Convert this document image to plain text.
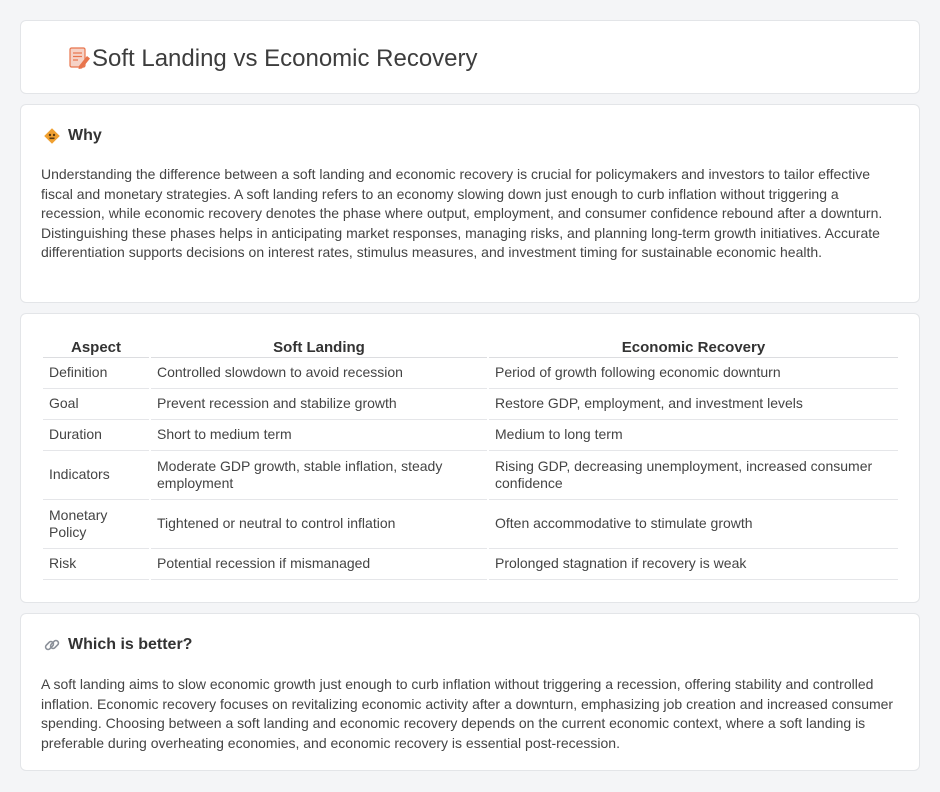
Soft Landing vs Economic Recovery
Why

Understanding the difference between a soft landing and economic recovery is crucial for policymakers and investors to tailor effective fiscal and monetary strategies. A soft landing refers to an economy slowing down just enough to curb inflation without triggering a recession, while economic recovery denotes the phase where output, employment, and consumer confidence rebound after a downturn. Distinguishing these phases helps in anticipating market responses, managing risks, and planning long-term growth initiatives. Accurate differentiation supports decisions on interest rates, stimulus measures, and investment timing for sustainable economic health.

Aspect	Soft Landing	Economic Recovery
Definition	Controlled slowdown to avoid recession	Period of growth following economic downturn
Goal	Prevent recession and stabilize growth	Restore GDP, employment, and investment levels
Duration	Short to medium term	Medium to long term
Indicators	Moderate GDP growth, stable inflation, steady employment	Rising GDP, decreasing unemployment, increased consumer confidence
Monetary Policy	Tightened or neutral to control inflation	Often accommodative to stimulate growth
Risk	Potential recession if mismanaged	Prolonged stagnation if recovery is weak
Which is better?

A soft landing aims to slow economic growth just enough to curb inflation without triggering a recession, offering stability and controlled inflation. Economic recovery focuses on revitalizing economic activity after a downturn, emphasizing job creation and increased consumer spending. Choosing between a soft landing and economic recovery depends on the current economic context, where a soft landing is preferable during overheating economies, and economic recovery is essential post-recession.
